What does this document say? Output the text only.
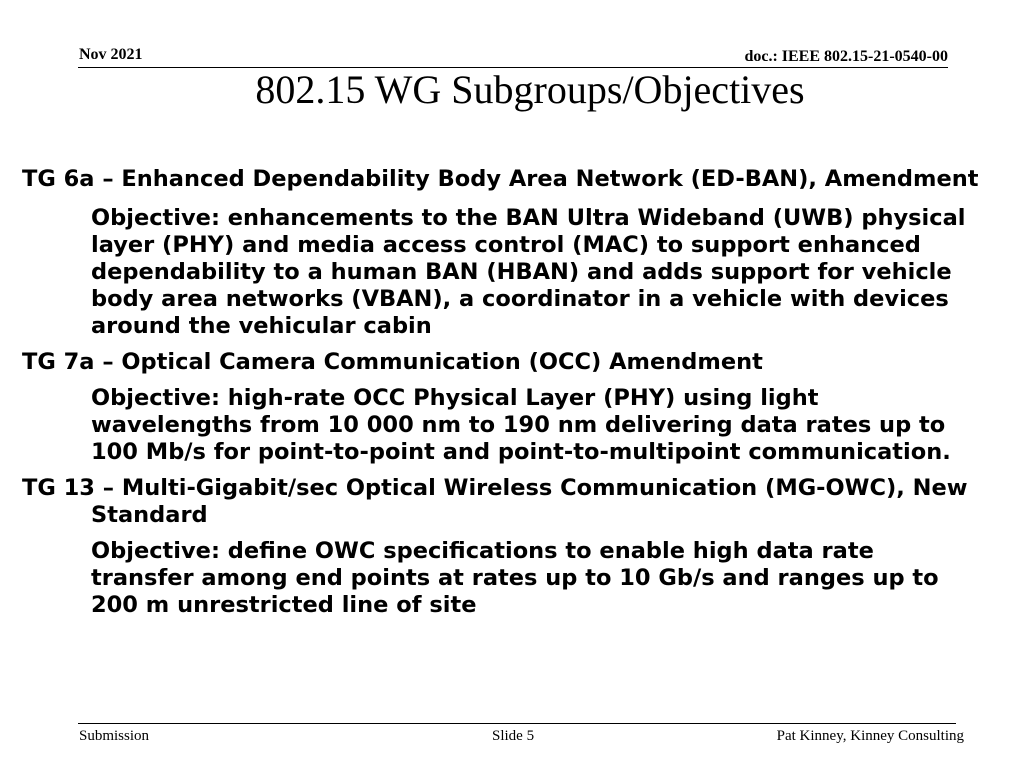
Nov 2021	doc.: IEEE 802.15-21-0540-00
802.15 WG Subgroups/Objectives

TG 6a – Enhanced Dependability Body Area Network (ED-BAN), Amendment

Objective: enhancements to the BAN Ultra Wideband (UWB) physical layer (PHY) and media access control (MAC) to support enhanced dependability to a human BAN (HBAN) and adds support for vehicle body area networks (VBAN), a coordinator in a vehicle with devices around the vehicular cabin

TG 7a – Optical Camera Communication (OCC) Amendment

Objective: high-rate OCC Physical Layer (PHY) using light wavelengths from 10 000 nm to 190 nm delivering data rates up to 100 Mb/s for point-to-point and point-to-multipoint communication.

TG 13 – Multi-Gigabit/sec Optical Wireless Communication (MG-OWC), New Standard

Objective: define OWC specifications to enable high data rate transfer among end points at rates up to 10 Gb/s and ranges up to 200 m unrestricted line of site

Submission	Slide 5	Pat Kinney, Kinney Consulting
